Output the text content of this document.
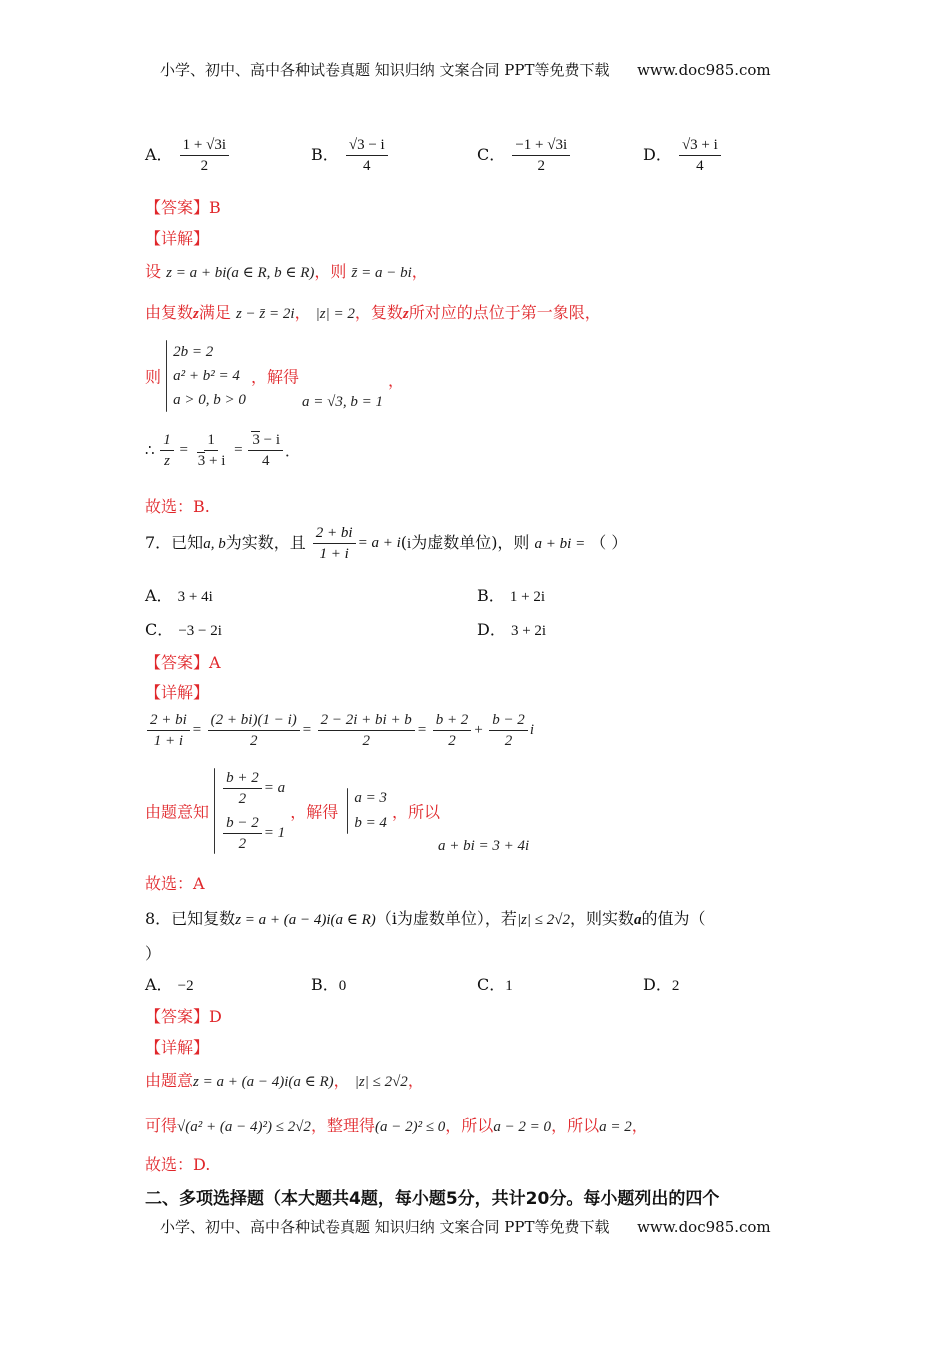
小学、初中、高中各种试卷真题 知识归纳 文案合同 PPT等免费下载 www.doc985.com
A． $\frac{1 + √3i}{2}$	B． $\frac{√3 - i}{4}$	C． $\frac{-1 + √3i}{2}$	D． $\frac{√3 + i}{4}$
【答案】B
【详解】
设 z = a + bi(a ∈ R, b ∈ R)，则 z̄ = a − bi，
由复数z满足 z − z̄ = 2i， |z| = 2，复数z所对应的点位于第一象限，
则
2b = 2
a² + b² = 4
a > 0, b > 0
，解得
a = √3, b = 1
，
∴ $\frac{1}{z} = \frac{1}{3 + i} = \frac{3 - i}{4}$ ．
故选：B.
7．已知a, b为实数，且 $\frac{2 + bi}{1 + i} = a + i(i$为虚数单位)，则 a + bi = （ ）
A． 3 + 4i	B． 1 + 2i
C． −3 − 2i	D． 3 + 2i
【答案】A
【详解】
$\frac{2 + bi}{1 + i} = \frac{(2 + bi)(1 - i)}{2} = \frac{2 - 2i + bi + b}{2} = \frac{b + 2}{2} + \frac{b - 2}{2}$ i
由题意知
$\frac{b + 2}{2} = a$
$\frac{b - 2}{2} = 1$
，解得
a = 3
b = 4
，所以
a + bi = 3 + 4i
故选：A
8．已知复数z = a + (a − 4)i(a ∈ R)（i为虚数单位），若|z| ≤ 2√2，则实数a的值为（
）
A． −2	B．0	C．1	D．2
【答案】D
【详解】
由题意z = a + (a − 4)i(a ∈ R)， |z| ≤ 2√2，
可得√(a² + (a − 4)²) ≤ 2√2，整理得(a − 2)² ≤ 0，所以a − 2 = 0，所以a = 2，
故选：D.
二、多项选择题（本大题共4题，每小题5分，共计20分。每小题列出的四个
小学、初中、高中各种试卷真题 知识归纳 文案合同 PPT等免费下载 www.doc985.com
